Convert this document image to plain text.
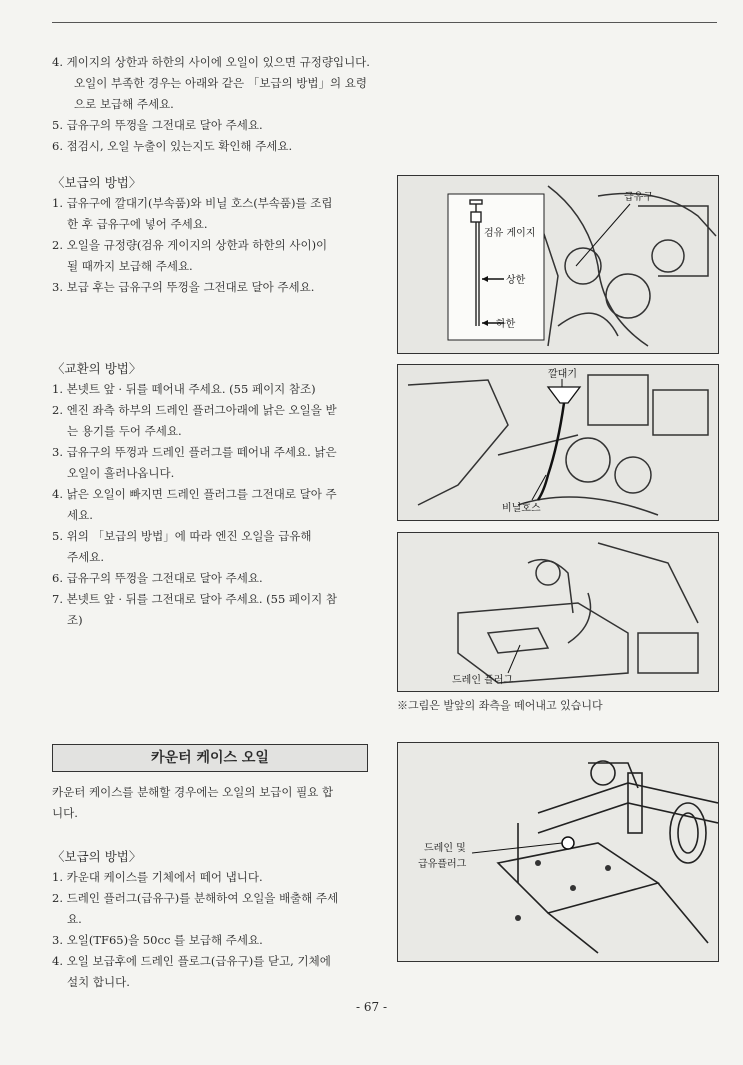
4. 게이지의 상한과 하한의 사이에 오일이 있으면 규정량입니다.

오일이 부족한 경우는 아래와 같은 「보급의 방법」의 요령으로 보급해 주세요.

5. 급유구의 뚜껑을 그전대로 달아 주세요.

6. 점검시, 오일 누출이 있는지도 확인해 주세요.

〈보급의 방법〉

1. 급유구에 깔대기(부속품)와 비닐 호스(부속품)를 조립

한 후 급유구에 넣어 주세요.

2. 오일을 규정량(검유 게이지의 상한과 하한의 사이)이

될 때까지 보급해 주세요.

3. 보급 후는 급유구의 뚜껑을 그전대로 달아 주세요.

〈교환의 방법〉

1. 본넷트 앞 · 뒤를 떼어내 주세요. (55 페이지 참조)

2. 엔진 좌측 하부의 드레인 플러그아래에 낡은 오일을 받

는 용기를 두어 주세요.

3. 급유구의 뚜껑과 드레인 플러그를 떼어내 주세요. 낡은

오일이 흘러나옵니다.

4. 낡은 오일이 빠지면 드레인 플러그를 그전대로 달아 주

세요.

5. 위의 「보급의 방법」에 따라 엔진 오일을 급유해

주세요.

6. 급유구의 뚜껑을 그전대로 달아 주세요.

7. 본넷트 앞 · 뒤를 그전대로 달아 주세요. (55 페이지 참

조)

카운터 케이스 오일

카운터 케이스를 분해할 경우에는 오일의 보급이 필요 합

니다.

〈보급의 방법〉

1. 카운대 케이스를 기체에서 떼어 냅니다.

2. 드레인 플러그(급유구)를 분해하여 오일을 배출해 주세

요.

3. 오일(TF65)을 50cc 를 보급해 주세요.

4. 오일 보급후에 드레인 플로그(급유구)를 닫고, 기체에

설치 합니다.

검유 게이지
상한
하한
급유구
깔대기
비닐호스
드레인 플러그
※그림은 발앞의 좌측을 떼어내고 있습니다
드레인 및
급유플러그
- 67 -
